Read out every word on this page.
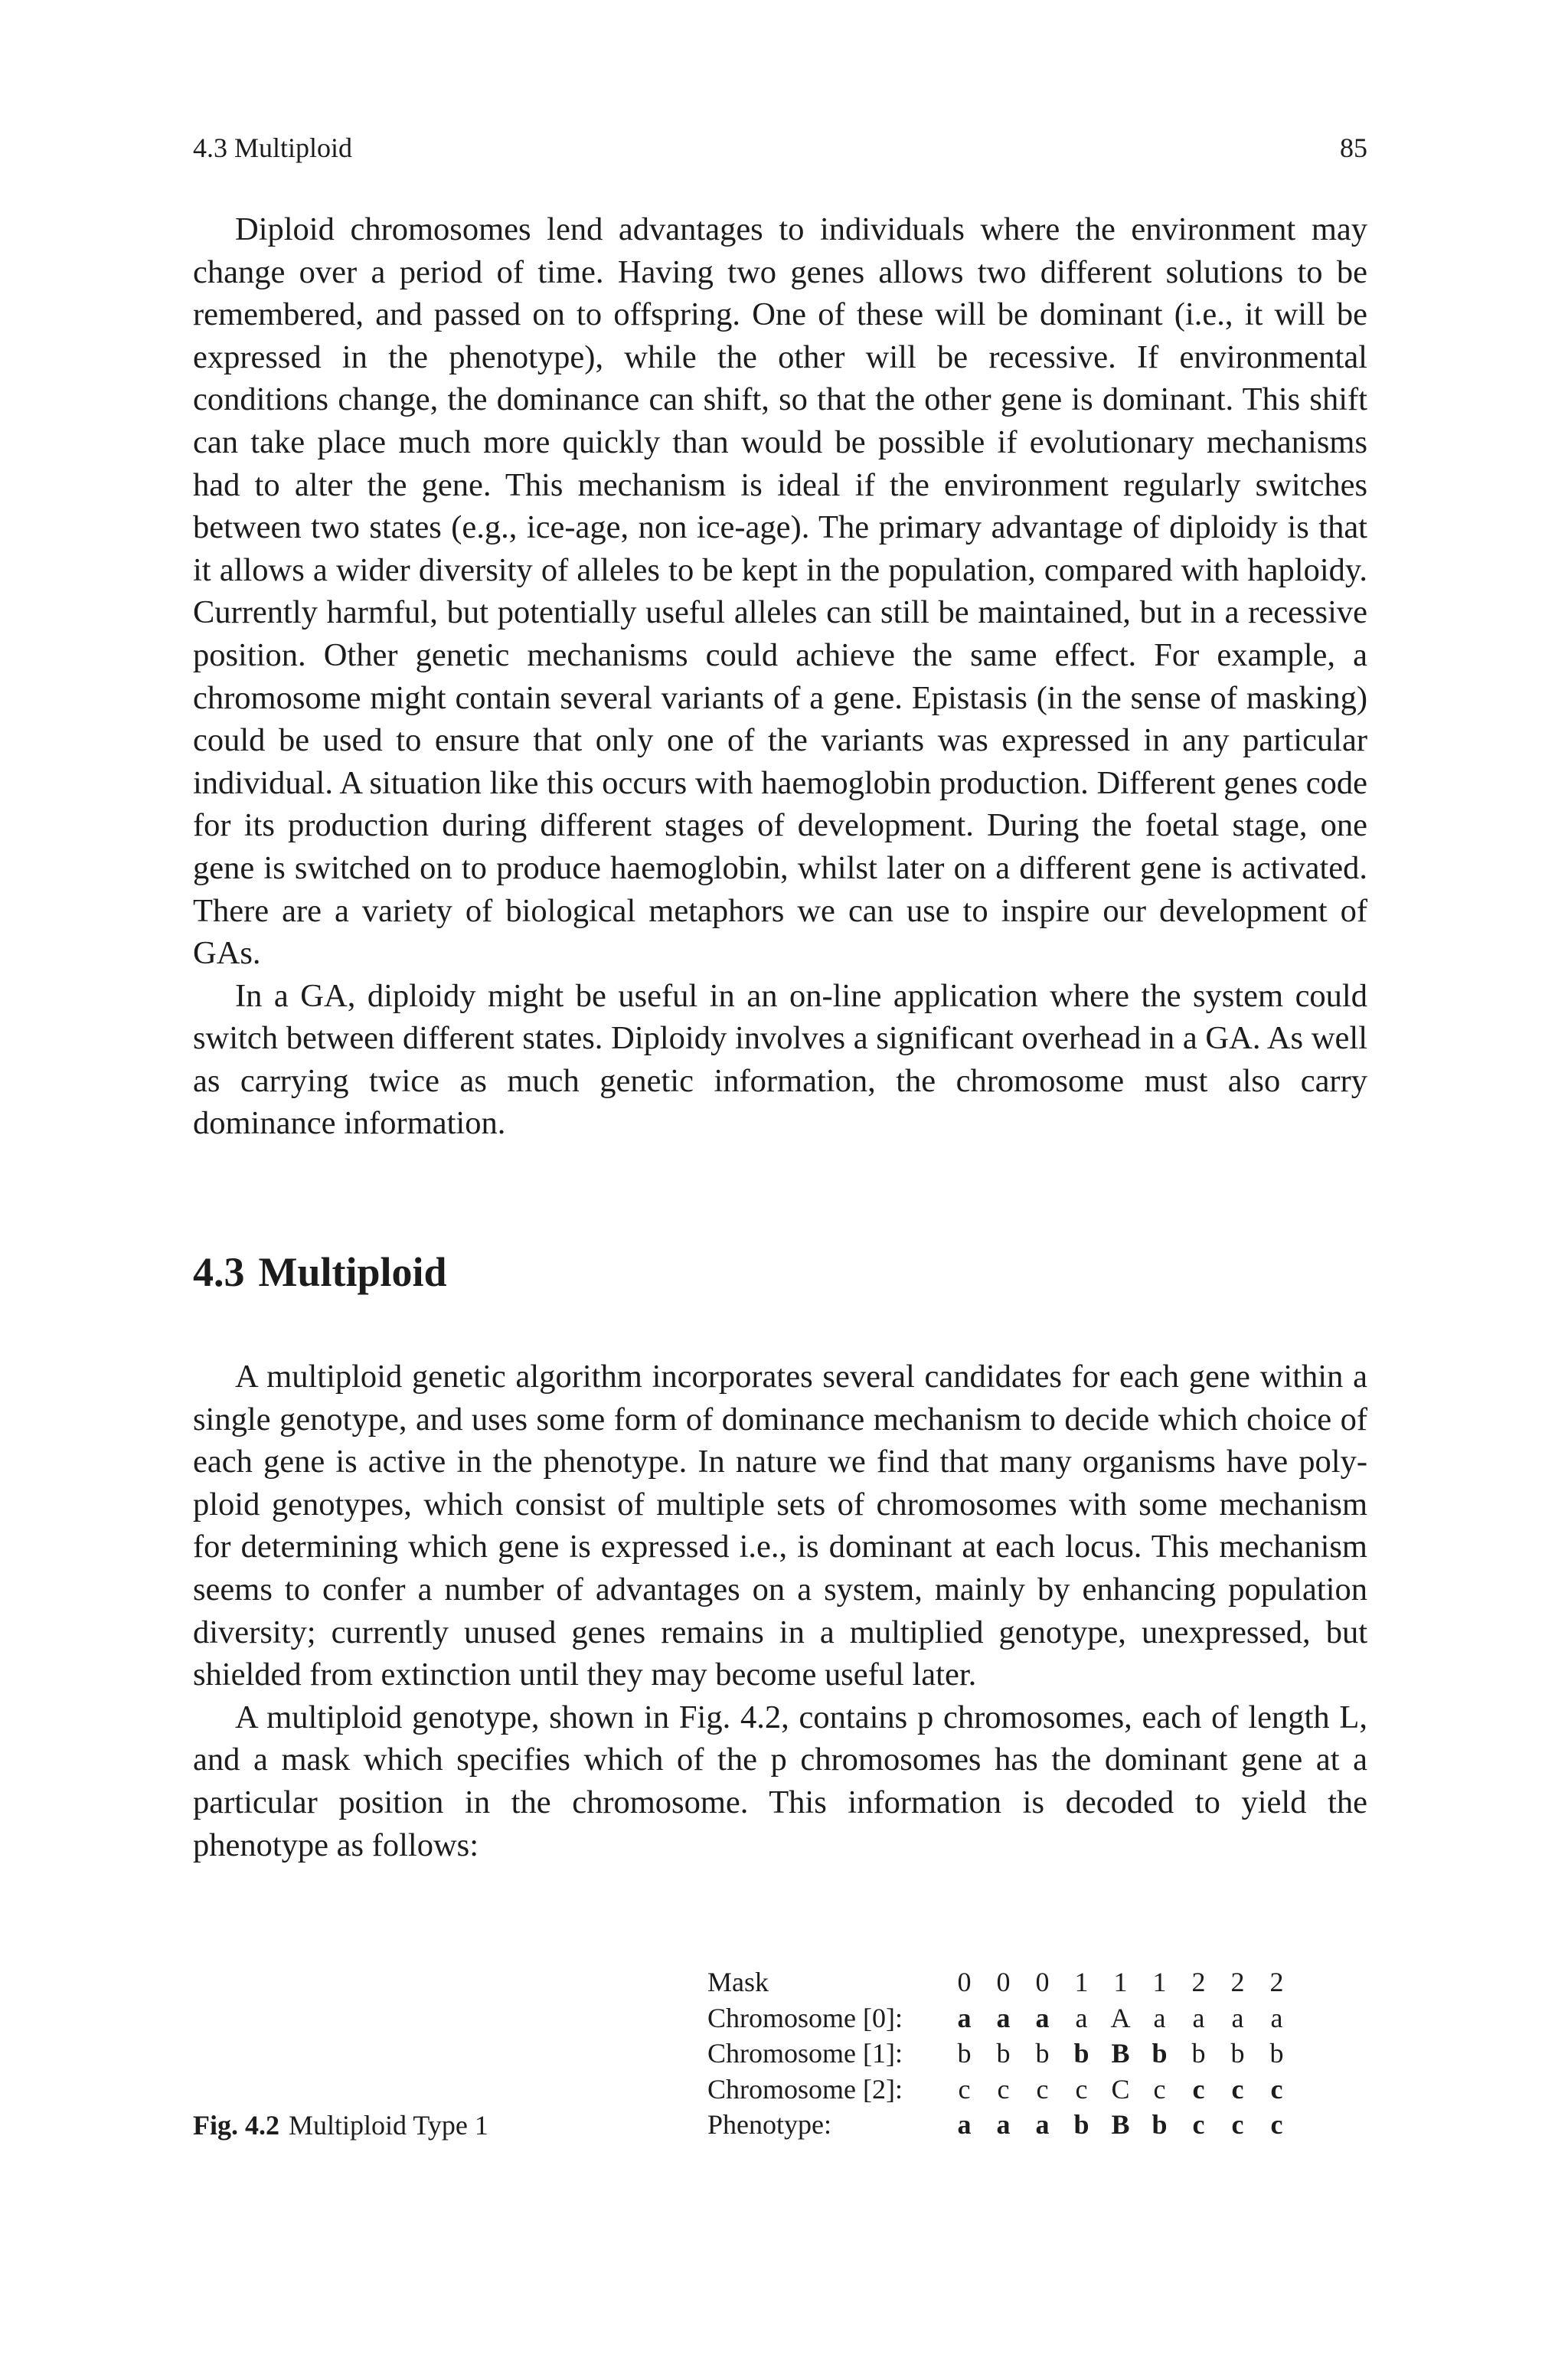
4.3 Multiploid	85

Diploid chromosomes lend advantages to individuals where the environment may change over a period of time. Having two genes allows two different solutions to be remembered, and passed on to offspring. One of these will be dominant (i.e., it will be expressed in the phenotype), while the other will be recessive. If environmental conditions change, the dominance can shift, so that the other gene is dominant. This shift can take place much more quickly than would be possible if evolutionary mechanisms had to alter the gene. This mechanism is ideal if the environment regularly switches between two states (e.g., ice-age, non ice-age). The primary advantage of diploidy is that it allows a wider diversity of alleles to be kept in the population, compared with haploidy. Currently harmful, but potentially useful alleles can still be maintained, but in a recessive position. Other genetic mechanisms could achieve the same effect. For example, a chromosome might contain several variants of a gene. Epistasis (in the sense of masking) could be used to ensure that only one of the variants was expressed in any particular individual. A situation like this occurs with haemoglobin production. Different genes code for its production during different stages of development. During the foetal stage, one gene is switched on to produce haemoglobin, whilst later on a different gene is activated. There are a variety of biological metaphors we can use to inspire our development of GAs.

In a GA, diploidy might be useful in an on-line application where the system could switch between different states. Diploidy involves a significant overhead in a GA. As well as carrying twice as much genetic information, the chromosome must also carry dominance information.

4.3 Multiploid

A multiploid genetic algorithm incorporates several candidates for each gene within a single genotype, and uses some form of dominance mechanism to decide which choice of each gene is active in the phenotype. In nature we find that many organisms have poly-ploid genotypes, which consist of multiple sets of chromosomes with some mechanism for determining which gene is expressed i.e., is dominant at each locus. This mechanism seems to confer a number of advantages on a system, mainly by enhancing population diversity; currently unused genes remains in a multiplied genotype, unexpressed, but shielded from extinction until they may become useful later.

A multiploid genotype, shown in Fig. 4.2, contains p chromosomes, each of length L, and a mask which specifies which of the p chromosomes has the dominant gene at a particular position in the chromosome. This information is decoded to yield the phenotype as follows:

Fig. 4.2 Multiploid Type 1
Mask	0	0	0	1	1	1	2	2	2
Chromosome [0]:	a	a	a	a	A	a	a	a	a
Chromosome [1]:	b	b	b	b	B	b	b	b	b
Chromosome [2]:	c	c	c	c	C	c	c	c	c
Phenotype:	a	a	a	b	B	b	c	c	c
